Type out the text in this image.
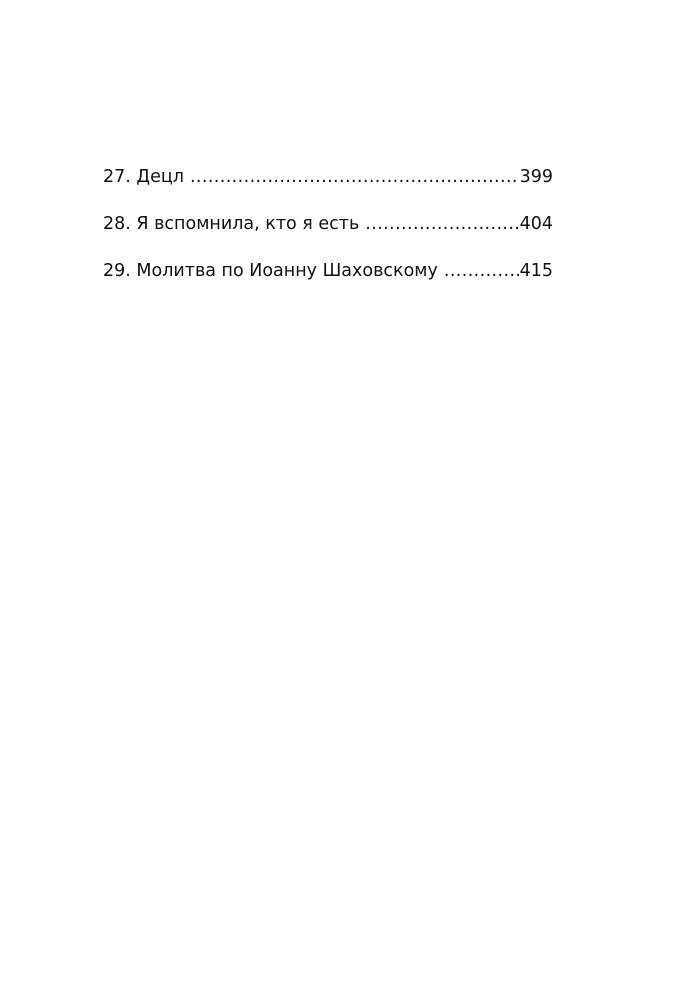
27. Децл .....	399
28. Я вспомнила, кто я есть .....	404
29. Молитва по Иоанну Шаховскому .....	415
